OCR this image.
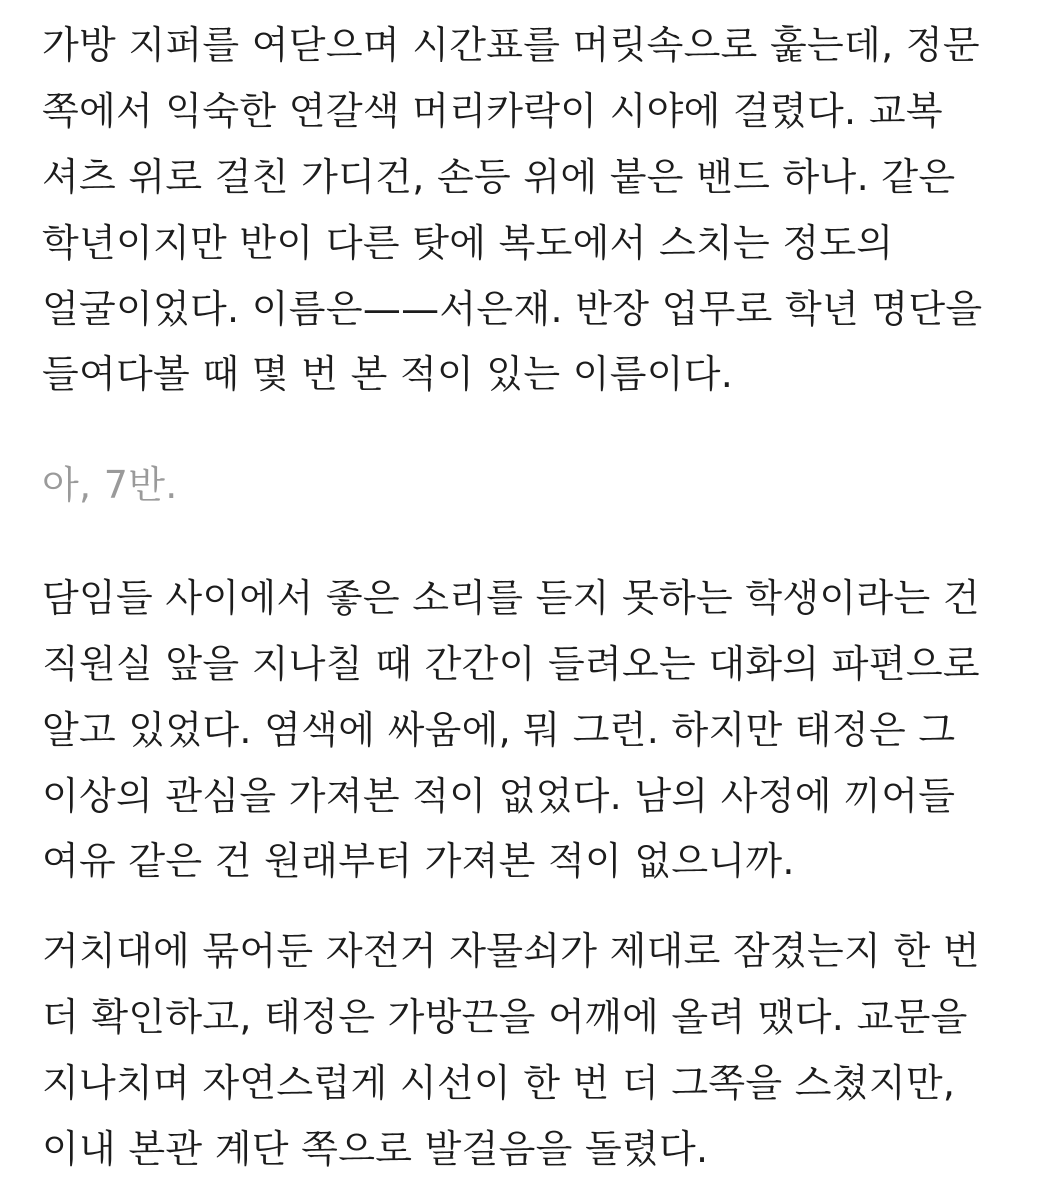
가방 지퍼를 여닫으며 시간표를 머릿속으로 훑는데, 정문
쪽에서 익숙한 연갈색 머리카락이 시야에 걸렸다. 교복
셔츠 위로 걸친 가디건, 손등 위에 붙은 밴드 하나. 같은
학년이지만 반이 다른 탓에 복도에서 스치는 정도의
얼굴이었다. 이름은——서은재. 반장 업무로 학년 명단을
들여다볼 때 몇 번 본 적이 있는 이름이다.
아, 7반.
담임들 사이에서 좋은 소리를 듣지 못하는 학생이라는 건
직원실 앞을 지나칠 때 간간이 들려오는 대화의 파편으로
알고 있었다. 염색에 싸움에, 뭐 그런. 하지만 태정은 그
이상의 관심을 가져본 적이 없었다. 남의 사정에 끼어들
여유 같은 건 원래부터 가져본 적이 없으니까.
거치대에 묶어둔 자전거 자물쇠가 제대로 잠겼는지 한 번
더 확인하고, 태정은 가방끈을 어깨에 올려 맸다. 교문을
지나치며 자연스럽게 시선이 한 번 더 그쪽을 스쳤지만,
이내 본관 계단 쪽으로 발걸음을 돌렸다.
